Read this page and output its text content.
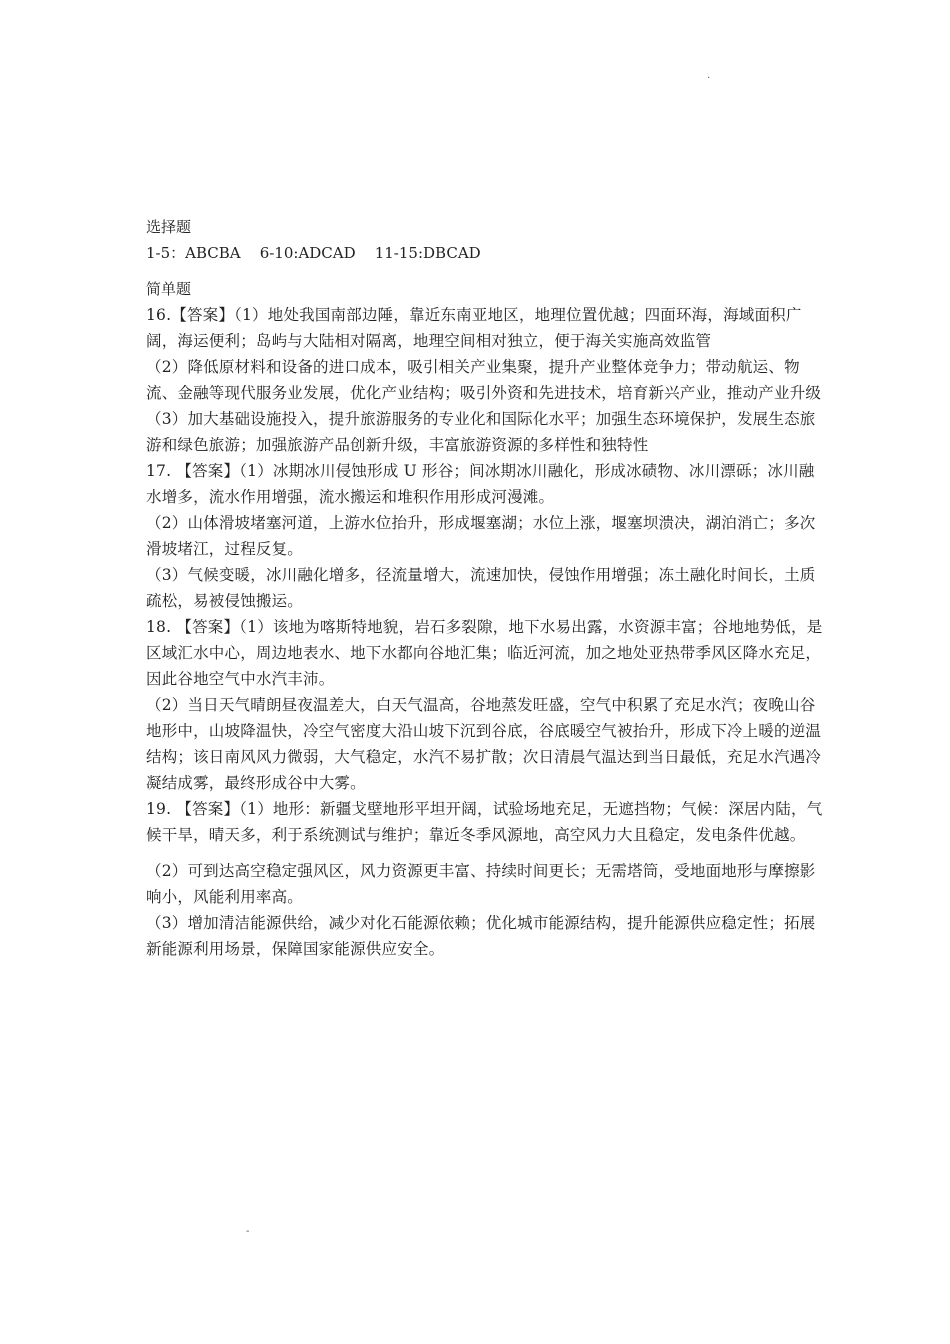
·

选择题

1-5：ABCBA    6-10:ADCAD    11-15:DBCAD

简单题

16.【答案】（1）地处我国南部边陲，靠近东南亚地区，地理位置优越；四面环海，海域面积广阔，海运便利；岛屿与大陆相对隔离，地理空间相对独立，便于海关实施高效监管

（2）降低原材料和设备的进口成本，吸引相关产业集聚，提升产业整体竞争力；带动航运、物流、金融等现代服务业发展，优化产业结构；吸引外资和先进技术，培育新兴产业，推动产业升级

（3）加大基础设施投入，提升旅游服务的专业化和国际化水平；加强生态环境保护，发展生态旅游和绿色旅游；加强旅游产品创新升级，丰富旅游资源的多样性和独特性

17. 【答案】（1）冰期冰川侵蚀形成 U 形谷；间冰期冰川融化，形成冰碛物、冰川漂砾；冰川融水增多，流水作用增强，流水搬运和堆积作用形成河漫滩。

（2）山体滑坡堵塞河道，上游水位抬升，形成堰塞湖；水位上涨，堰塞坝溃决，湖泊消亡；多次滑坡堵江，过程反复。

（3）气候变暖，冰川融化增多，径流量增大，流速加快，侵蚀作用增强；冻土融化时间长，土质疏松，易被侵蚀搬运。

18. 【答案】（1）该地为喀斯特地貌，岩石多裂隙，地下水易出露，水资源丰富；谷地地势低，是区域汇水中心，周边地表水、地下水都向谷地汇集；临近河流，加之地处亚热带季风区降水充足，因此谷地空气中水汽丰沛。

（2）当日天气晴朗昼夜温差大，白天气温高，谷地蒸发旺盛，空气中积累了充足水汽；夜晚山谷地形中，山坡降温快，冷空气密度大沿山坡下沉到谷底，谷底暖空气被抬升，形成下冷上暖的逆温结构；该日南风风力微弱，大气稳定，水汽不易扩散；次日清晨气温达到当日最低，充足水汽遇冷凝结成雾，最终形成谷中大雾。

19. 【答案】（1）地形：新疆戈壁地形平坦开阔，试验场地充足，无遮挡物；气候：深居内陆，气候干旱，晴天多，利于系统测试与维护；靠近冬季风源地，高空风力大且稳定，发电条件优越。

（2）可到达高空稳定强风区，风力资源更丰富、持续时间更长；无需塔筒，受地面地形与摩擦影响小，风能利用率高。

（3）增加清洁能源供给，减少对化石能源依赖；优化城市能源结构，提升能源供应稳定性；拓展新能源利用场景，保障国家能源供应安全。

-
